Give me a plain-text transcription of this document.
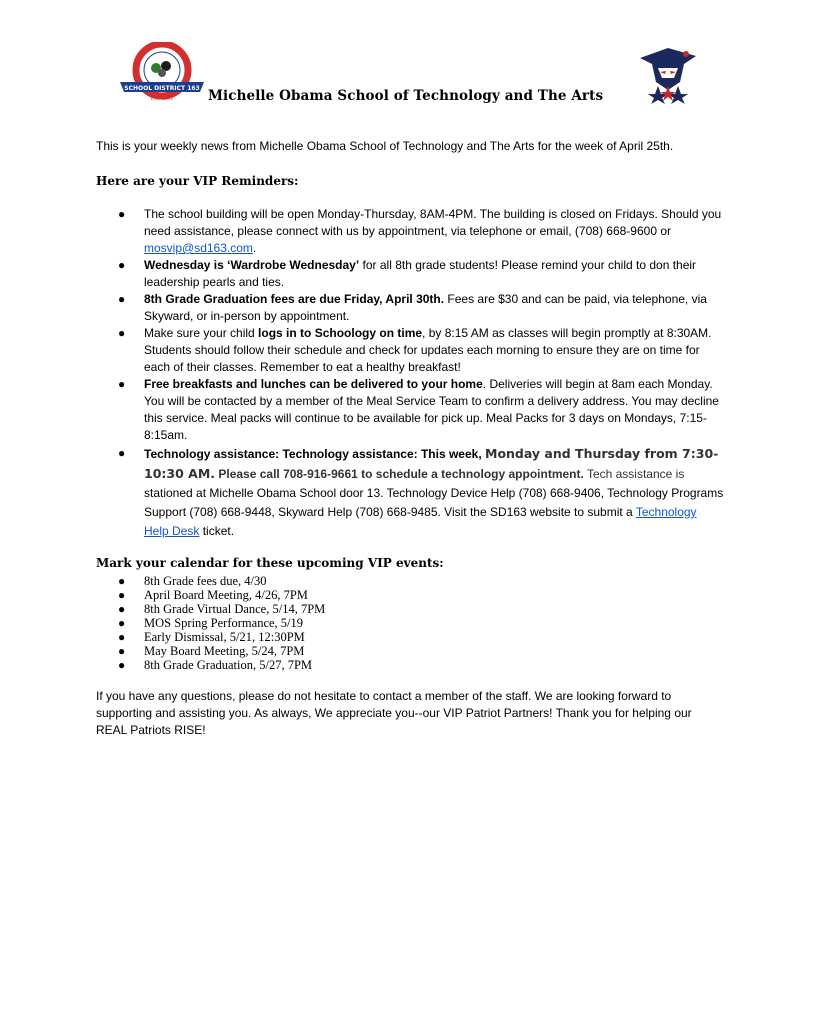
SCHOOL DISTRICT 163
EST. 1951	Michelle Obama School of Technology and The Arts
This is your weekly news from Michelle Obama School of Technology and The Arts for the week of April 25th.
Here are your VIP Reminders:
● The school building will be open Monday-Thursday, 8AM-4PM. The building is closed on Fridays. Should you need assistance, please connect with us by appointment, via telephone or email, (708) 668-9600 or mosvip@sd163.com.
● Wednesday is ‘Wardrobe Wednesday’ for all 8th grade students! Please remind your child to don their leadership pearls and ties.
● 8th Grade Graduation fees are due Friday, April 30th. Fees are $30 and can be paid, via telephone, via Skyward, or in-person by appointment.
● Make sure your child logs in to Schoology on time, by 8:15 AM as classes will begin promptly at 8:30AM. Students should follow their schedule and check for updates each morning to ensure they are on time for each of their classes. Remember to eat a healthy breakfast!
● Free breakfasts and lunches can be delivered to your home. Deliveries will begin at 8am each Monday. You will be contacted by a member of the Meal Service Team to confirm a delivery address. You may decline this service. Meal packs will continue to be available for pick up. Meal Packs for 3 days on Mondays, 7:15-8:15am.
● Technology assistance: Technology assistance: This week, Monday and Thursday from 7:30-10:30 AM. Please call 708-916-9661 to schedule a technology appointment. Tech assistance is stationed at Michelle Obama School door 13. Technology Device Help (708) 668-9406, Technology Programs Support (708) 668-9448, Skyward Help (708) 668-9485. Visit the SD163 website to submit a Technology Help Desk ticket.
Mark your calendar for these upcoming VIP events:
● 8th Grade fees due, 4/30
● April Board Meeting, 4/26, 7PM
● 8th Grade Virtual Dance, 5/14, 7PM
● MOS Spring Performance, 5/19
● Early Dismissal, 5/21, 12:30PM
● May Board Meeting, 5/24, 7PM
● 8th Grade Graduation, 5/27, 7PM
If you have any questions, please do not hesitate to contact a member of the staff. We are looking forward to supporting and assisting you. As always, We appreciate you--our VIP Patriot Partners! Thank you for helping our REAL Patriots RISE!
